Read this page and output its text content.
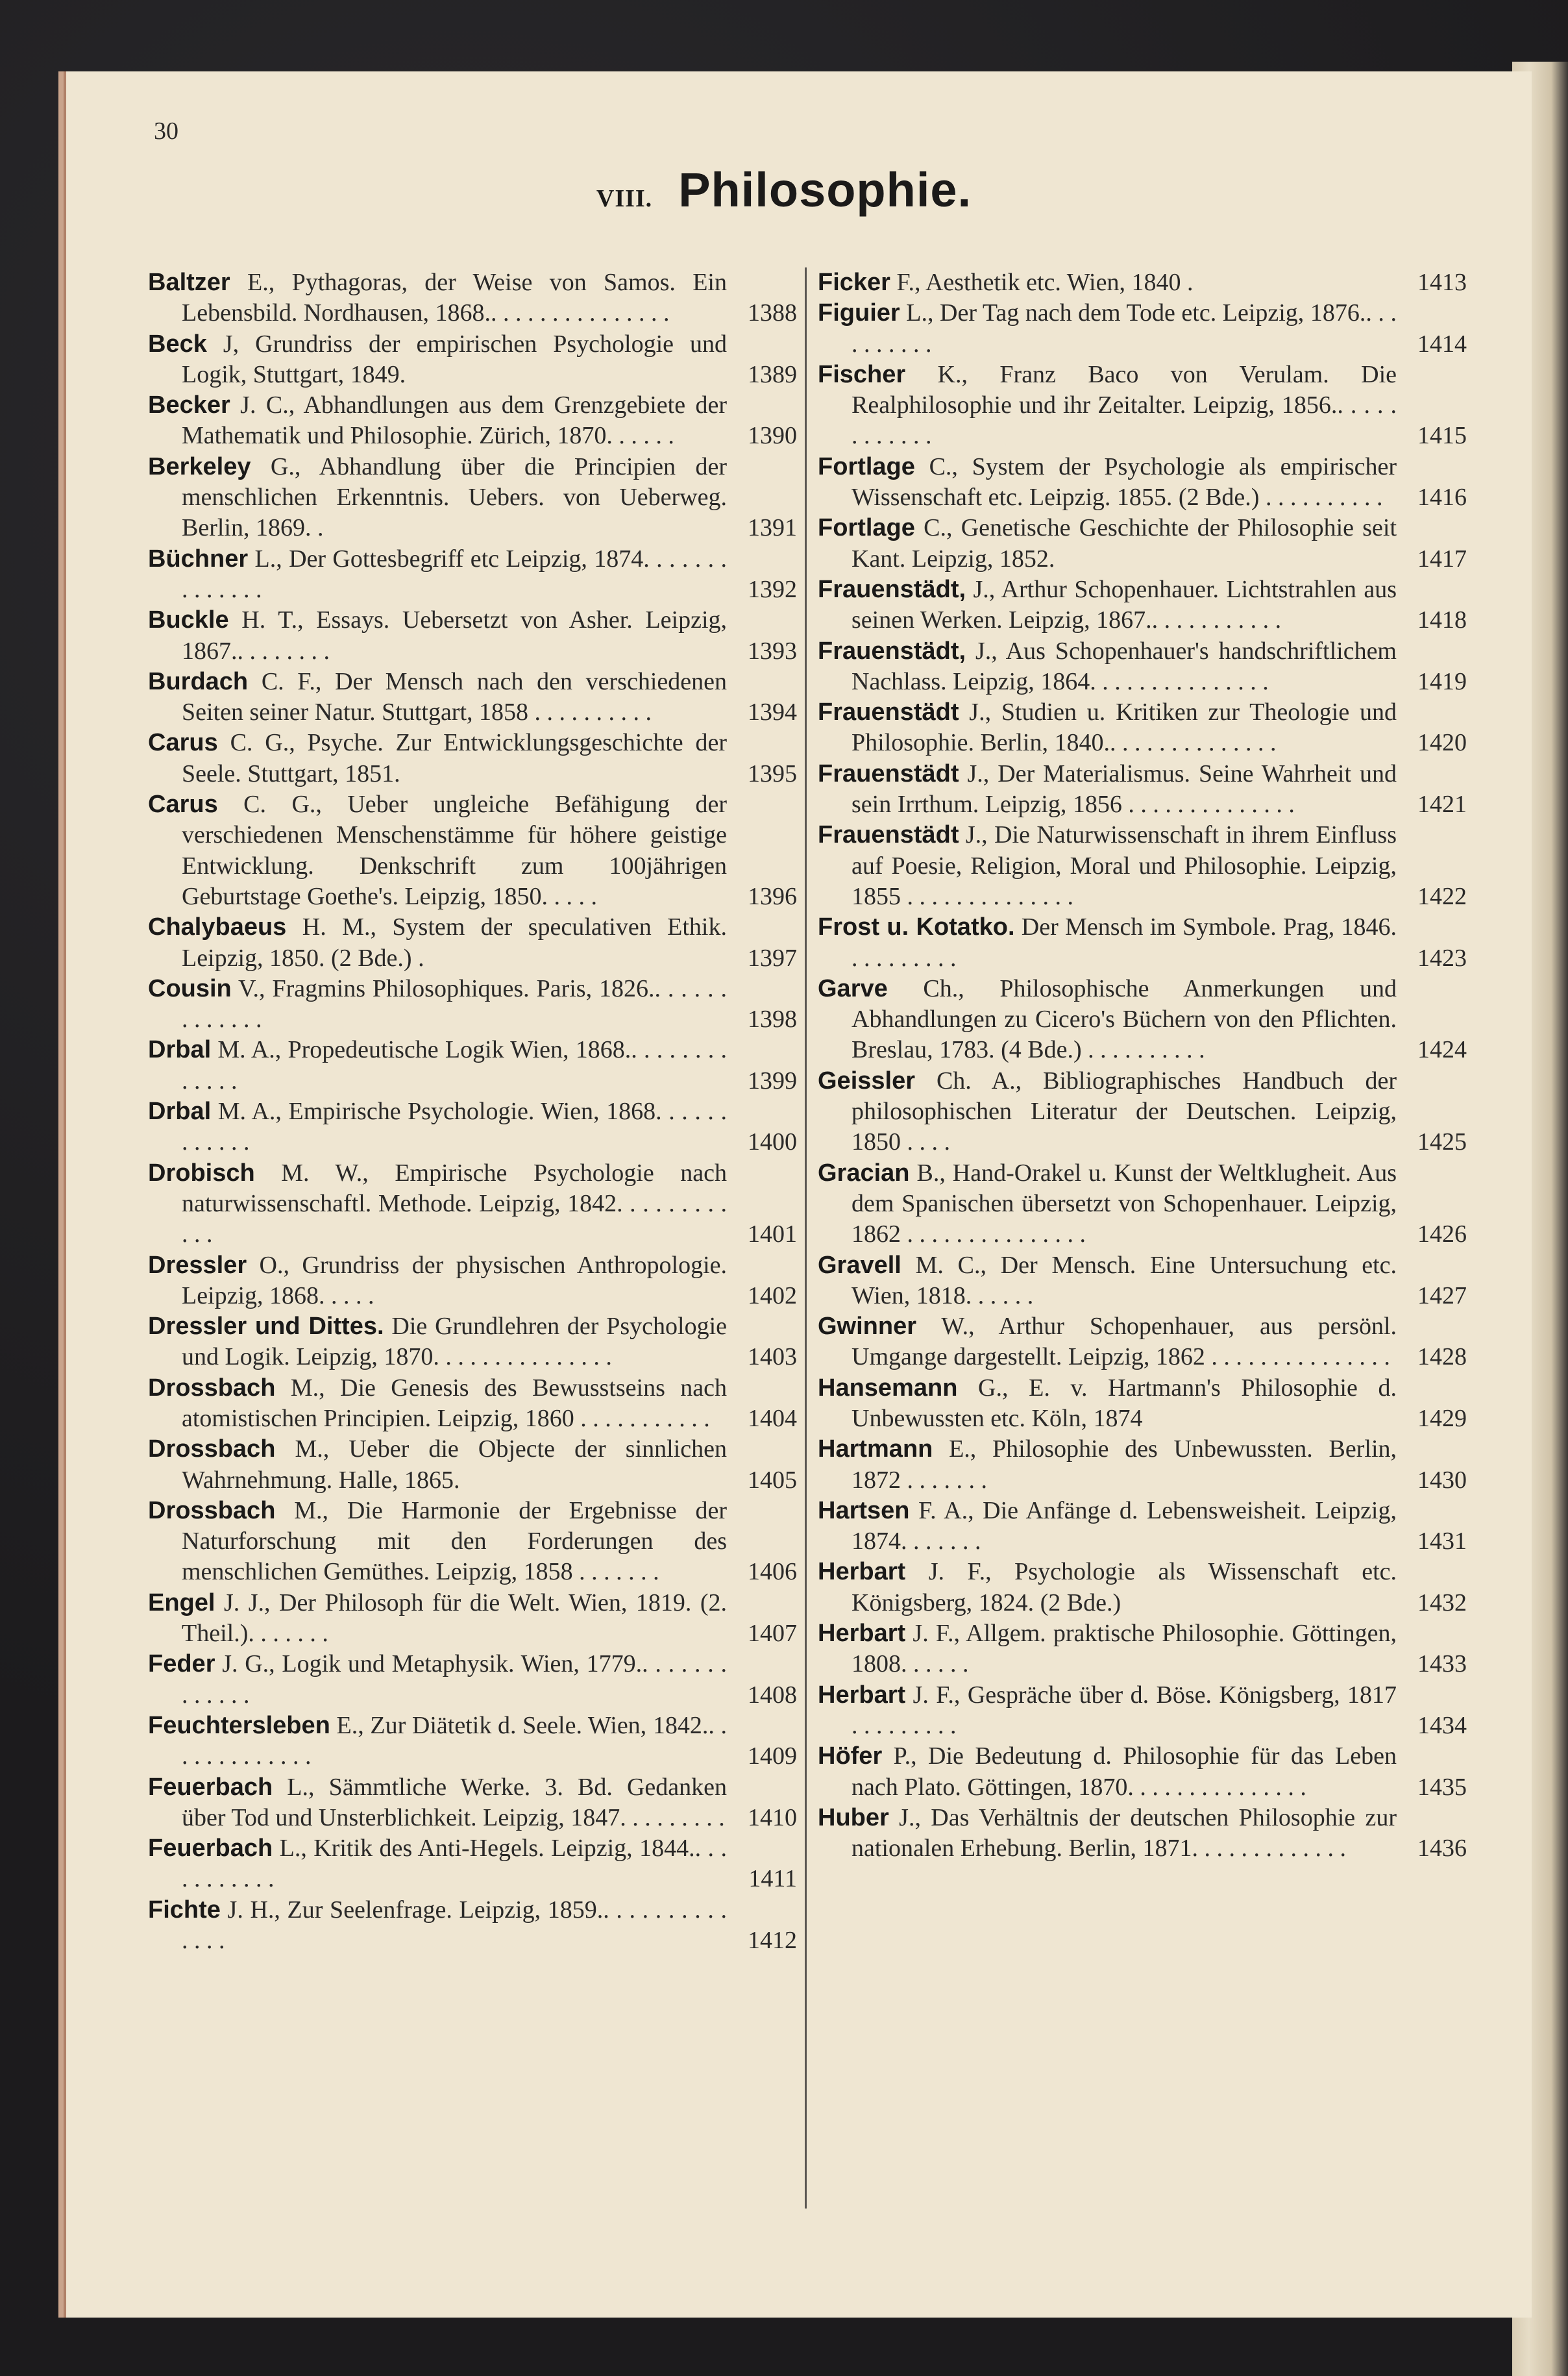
30
VIII. Philosophie.
Baltzer E., Pythagoras, der Weise von Samos. Ein Lebensbild. Nordhausen, 1868.. . . . . . . . . . . . . . .	1388
Beck J, Grundriss der empirischen Psychologie und Logik, Stuttgart, 1849.	1389
Becker J. C., Abhandlungen aus dem Grenzgebiete der Mathematik und Philosophie. Zürich, 1870. . . . . .	1390
Berkeley G., Abhandlung über die Principien der menschlichen Erkenntnis. Uebers. von Ueberweg. Berlin, 1869. .	1391
Büchner L., Der Gottesbegriff etc Leipzig, 1874. . . . . . . . . . . . . .	1392
Buckle H. T., Essays. Uebersetzt von Asher. Leipzig, 1867.. . . . . . . .	1393
Burdach C. F., Der Mensch nach den verschiedenen Seiten seiner Natur. Stuttgart, 1858 . . . . . . . . . .	1394
Carus C. G., Psyche. Zur Entwicklungsgeschichte der Seele. Stuttgart, 1851.	1395
Carus C. G., Ueber ungleiche Befähigung der verschiedenen Menschenstämme für höhere geistige Entwicklung. Denkschrift zum 100jährigen Geburtstage Goethe's. Leipzig, 1850. . . . .	1396
Chalybaeus H. M., System der speculativen Ethik. Leipzig, 1850. (2 Bde.) .	1397
Cousin V., Fragmins Philosophiques. Paris, 1826.. . . . . . . . . . . . .	1398
Drbal M. A., Propedeutische Logik Wien, 1868.. . . . . . . . . . . . .	1399
Drbal M. A., Empirische Psychologie. Wien, 1868. . . . . . . . . . . .	1400
Drobisch M. W., Empirische Psychologie nach naturwissenschaftl. Methode. Leipzig, 1842. . . . . . . . . . . .	1401
Dressler O., Grundriss der physischen Anthropologie. Leipzig, 1868. . . . .	1402
Dressler und Dittes. Die Grundlehren der Psychologie und Logik. Leipzig, 1870. . . . . . . . . . . . . . .	1403
Drossbach M., Die Genesis des Bewusstseins nach atomistischen Principien. Leipzig, 1860 . . . . . . . . . . .	1404
Drossbach M., Ueber die Objecte der sinnlichen Wahrnehmung. Halle, 1865.	1405
Drossbach M., Die Harmonie der Ergebnisse der Naturforschung mit den Forderungen des menschlichen Gemüthes. Leipzig, 1858 . . . . . . .	1406
Engel J. J., Der Philosoph für die Welt. Wien, 1819. (2. Theil.). . . . . . .	1407
Feder J. G., Logik und Metaphysik. Wien, 1779.. . . . . . . . . . . . .	1408
Feuchtersleben E., Zur Diätetik d. Seele. Wien, 1842.. . . . . . . . . . . . .	1409
Feuerbach L., Sämmtliche Werke. 3. Bd. Gedanken über Tod und Unsterblichkeit. Leipzig, 1847. . . . . . . . . 1410
Feuerbach L., Kritik des Anti-Hegels. Leipzig, 1844.. . . . . . . . . . .	1411
Fichte J. H., Zur Seelenfrage. Leipzig, 1859.. . . . . . . . . . . . . .	1412
Ficker F., Aesthetik etc. Wien, 1840 .	1413
Figuier L., Der Tag nach dem Tode etc. Leipzig, 1876.. . . . . . . . . .	1414
Fischer K., Franz Baco von Verulam. Die Realphilosophie und ihr Zeitalter. Leipzig, 1856.. . . . . . . . . . . .	1415
Fortlage C., System der Psychologie als empirischer Wissenschaft etc. Leipzig. 1855. (2 Bde.) . . . . . . . . . .	1416
Fortlage C., Genetische Geschichte der Philosophie seit Kant. Leipzig, 1852.	1417
Frauenstädt, J., Arthur Schopenhauer. Lichtstrahlen aus seinen Werken. Leipzig, 1867.. . . . . . . . . . .	1418
Frauenstädt, J., Aus Schopenhauer's handschriftlichem Nachlass. Leipzig, 1864. . . . . . . . . . . . . . .	1419
Frauenstädt J., Studien u. Kritiken zur Theologie und Philosophie. Berlin, 1840.. . . . . . . . . . . . . .	1420
Frauenstädt J., Der Materialismus. Seine Wahrheit und sein Irrthum. Leipzig, 1856 . . . . . . . . . . . . . .	1421
Frauenstädt J., Die Naturwissenschaft in ihrem Einfluss auf Poesie, Religion, Moral und Philosophie. Leipzig, 1855 . . . . . . . . . . . . . .	1422
Frost u. Kotatko. Der Mensch im Symbole. Prag, 1846. . . . . . . . . .	1423
Garve Ch., Philosophische Anmerkungen und Abhandlungen zu Cicero's Büchern von den Pflichten. Breslau, 1783. (4 Bde.) . . . . . . . . . .	1424
Geissler Ch. A., Bibliographisches Handbuch der philosophischen Literatur der Deutschen. Leipzig, 1850 . . . .	1425
Gracian B., Hand-Orakel u. Kunst der Weltklugheit. Aus dem Spanischen übersetzt von Schopenhauer. Leipzig, 1862 . . . . . . . . . . . . . . .	1426
Gravell M. C., Der Mensch. Eine Untersuchung etc. Wien, 1818. . . . . .	1427
Gwinner W., Arthur Schopenhauer, aus persönl. Umgange dargestellt. Leipzig, 1862 . . . . . . . . . . . . . . .	1428
Hansemann G., E. v. Hartmann's Philosophie d. Unbewussten etc. Köln, 1874	1429
Hartmann E., Philosophie des Unbewussten. Berlin, 1872 . . . . . . .	1430
Hartsen F. A., Die Anfänge d. Lebensweisheit. Leipzig, 1874. . . . . . .	1431
Herbart J. F., Psychologie als Wissenschaft etc. Königsberg, 1824. (2 Bde.)	1432
Herbart J. F., Allgem. praktische Philosophie. Göttingen, 1808. . . . . .	1433
Herbart J. F., Gespräche über d. Böse. Königsberg, 1817 . . . . . . . . .	1434
Höfer P., Die Bedeutung d. Philosophie für das Leben nach Plato. Göttingen, 1870. . . . . . . . . . . . . . .	1435
Huber J., Das Verhältnis der deutschen Philosophie zur nationalen Erhebung. Berlin, 1871. . . . . . . . . . . . .	1436
